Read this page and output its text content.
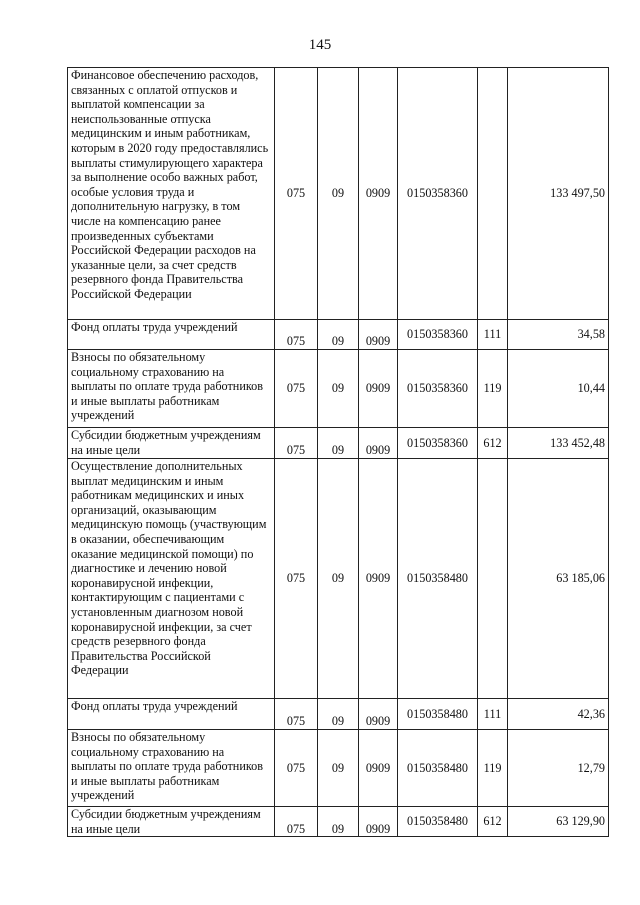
145
Финансовое обеспечению расходов, связанных с оплатой отпусков и выплатой компенсации за неиспользованные отпуска медицинским и иным работникам, которым в 2020 году предоставлялись выплаты стимулирующего характера за выполнение особо важных работ, особые условия труда и дополнительную нагрузку, в том числе на компенсацию ранее произведенных субъектами Российской Федерации расходов на указанные цели, за счет средств резервного фонда Правительства Российской Федерации	075	09	0909	0150358360		133 497,50
Фонд оплаты труда учреждений	075	09	0909	0150358360	111	34,58
Взносы по обязательному социальному страхованию на выплаты по оплате труда работников и иные выплаты работникам учреждений	075	09	0909	0150358360	119	10,44
Субсидии бюджетным учреждениям на иные цели	075	09	0909	0150358360	612	133 452,48
Осуществление дополнительных выплат медицинским и иным работникам медицинских и иных организаций, оказывающим медицинскую помощь (участвующим в оказании, обеспечивающим оказание медицинской помощи) по диагностике и лечению новой коронавирусной инфекции, контактирующим с пациентами с установленным диагнозом новой коронавирусной инфекции, за счет средств резервного фонда Правительства Российской Федерации	075	09	0909	0150358480		63 185,06
Фонд оплаты труда учреждений	075	09	0909	0150358480	111	42,36
Взносы по обязательному социальному страхованию на выплаты по оплате труда работников и иные выплаты работникам учреждений	075	09	0909	0150358480	119	12,79
Субсидии бюджетным учреждениям на иные цели	075	09	0909	0150358480	612	63 129,90
